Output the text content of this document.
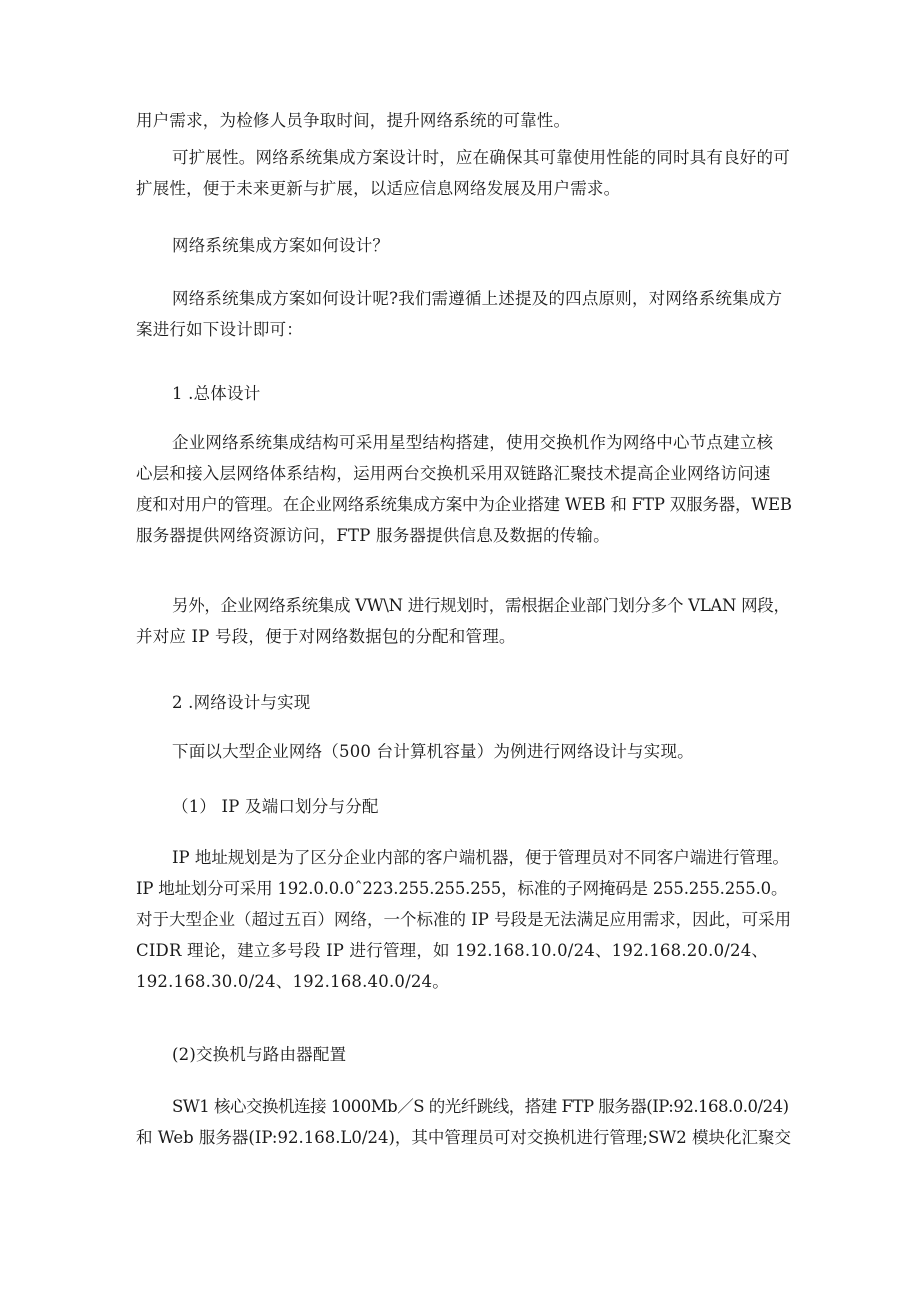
用户需求，为检修人员争取时间，提升网络系统的可靠性。

可扩展性。网络系统集成方案设计时，应在确保其可靠使用性能的同时具有良好的可
扩展性，便于未来更新与扩展，以适应信息网络发展及用户需求。

网络系统集成方案如何设计？

网络系统集成方案如何设计呢?我们需遵循上述提及的四点原则，对网络系统集成方
案进行如下设计即可：

1 .总体设计

企业网络系统集成结构可采用星型结构搭建，使用交换机作为网络中心节点建立核
心层和接入层网络体系结构，运用两台交换机采用双链路汇聚技术提高企业网络访问速
度和对用户的管理。在企业网络系统集成方案中为企业搭建 WEB 和 FTP 双服务器，WEB
服务器提供网络资源访问，FTP 服务器提供信息及数据的传输。

另外，企业网络系统集成 VW\N 进行规划时，需根据企业部门划分多个 VLAN 网段，
并对应 IP 号段，便于对网络数据包的分配和管理。

2 .网络设计与实现

下面以大型企业网络（500 台计算机容量）为例进行网络设计与实现。

（1） IP 及端口划分与分配

IP 地址规划是为了区分企业内部的客户端机器，便于管理员对不同客户端进行管理。
IP 地址划分可采用 192.0.0.0ˆ223.255.255.255，标准的子网掩码是 255.255.255.0。
对于大型企业（超过五百）网络，一个标准的 IP 号段是无法满足应用需求，因此，可采用
CIDR 理论，建立多号段 IP 进行管理，如 192.168.10.0/24、192.168.20.0/24、
192.168.30.0/24、192.168.40.0/24。

(2)交换机与路由器配置

SW1 核心交换机连接 1000Mb／S 的光纤跳线，搭建 FTP 服务器(IP:92.168.0.0/24)
和 Web 服务器(IP:92.168.L0/24)，其中管理员可对交换机进行管理;SW2 模块化汇聚交
